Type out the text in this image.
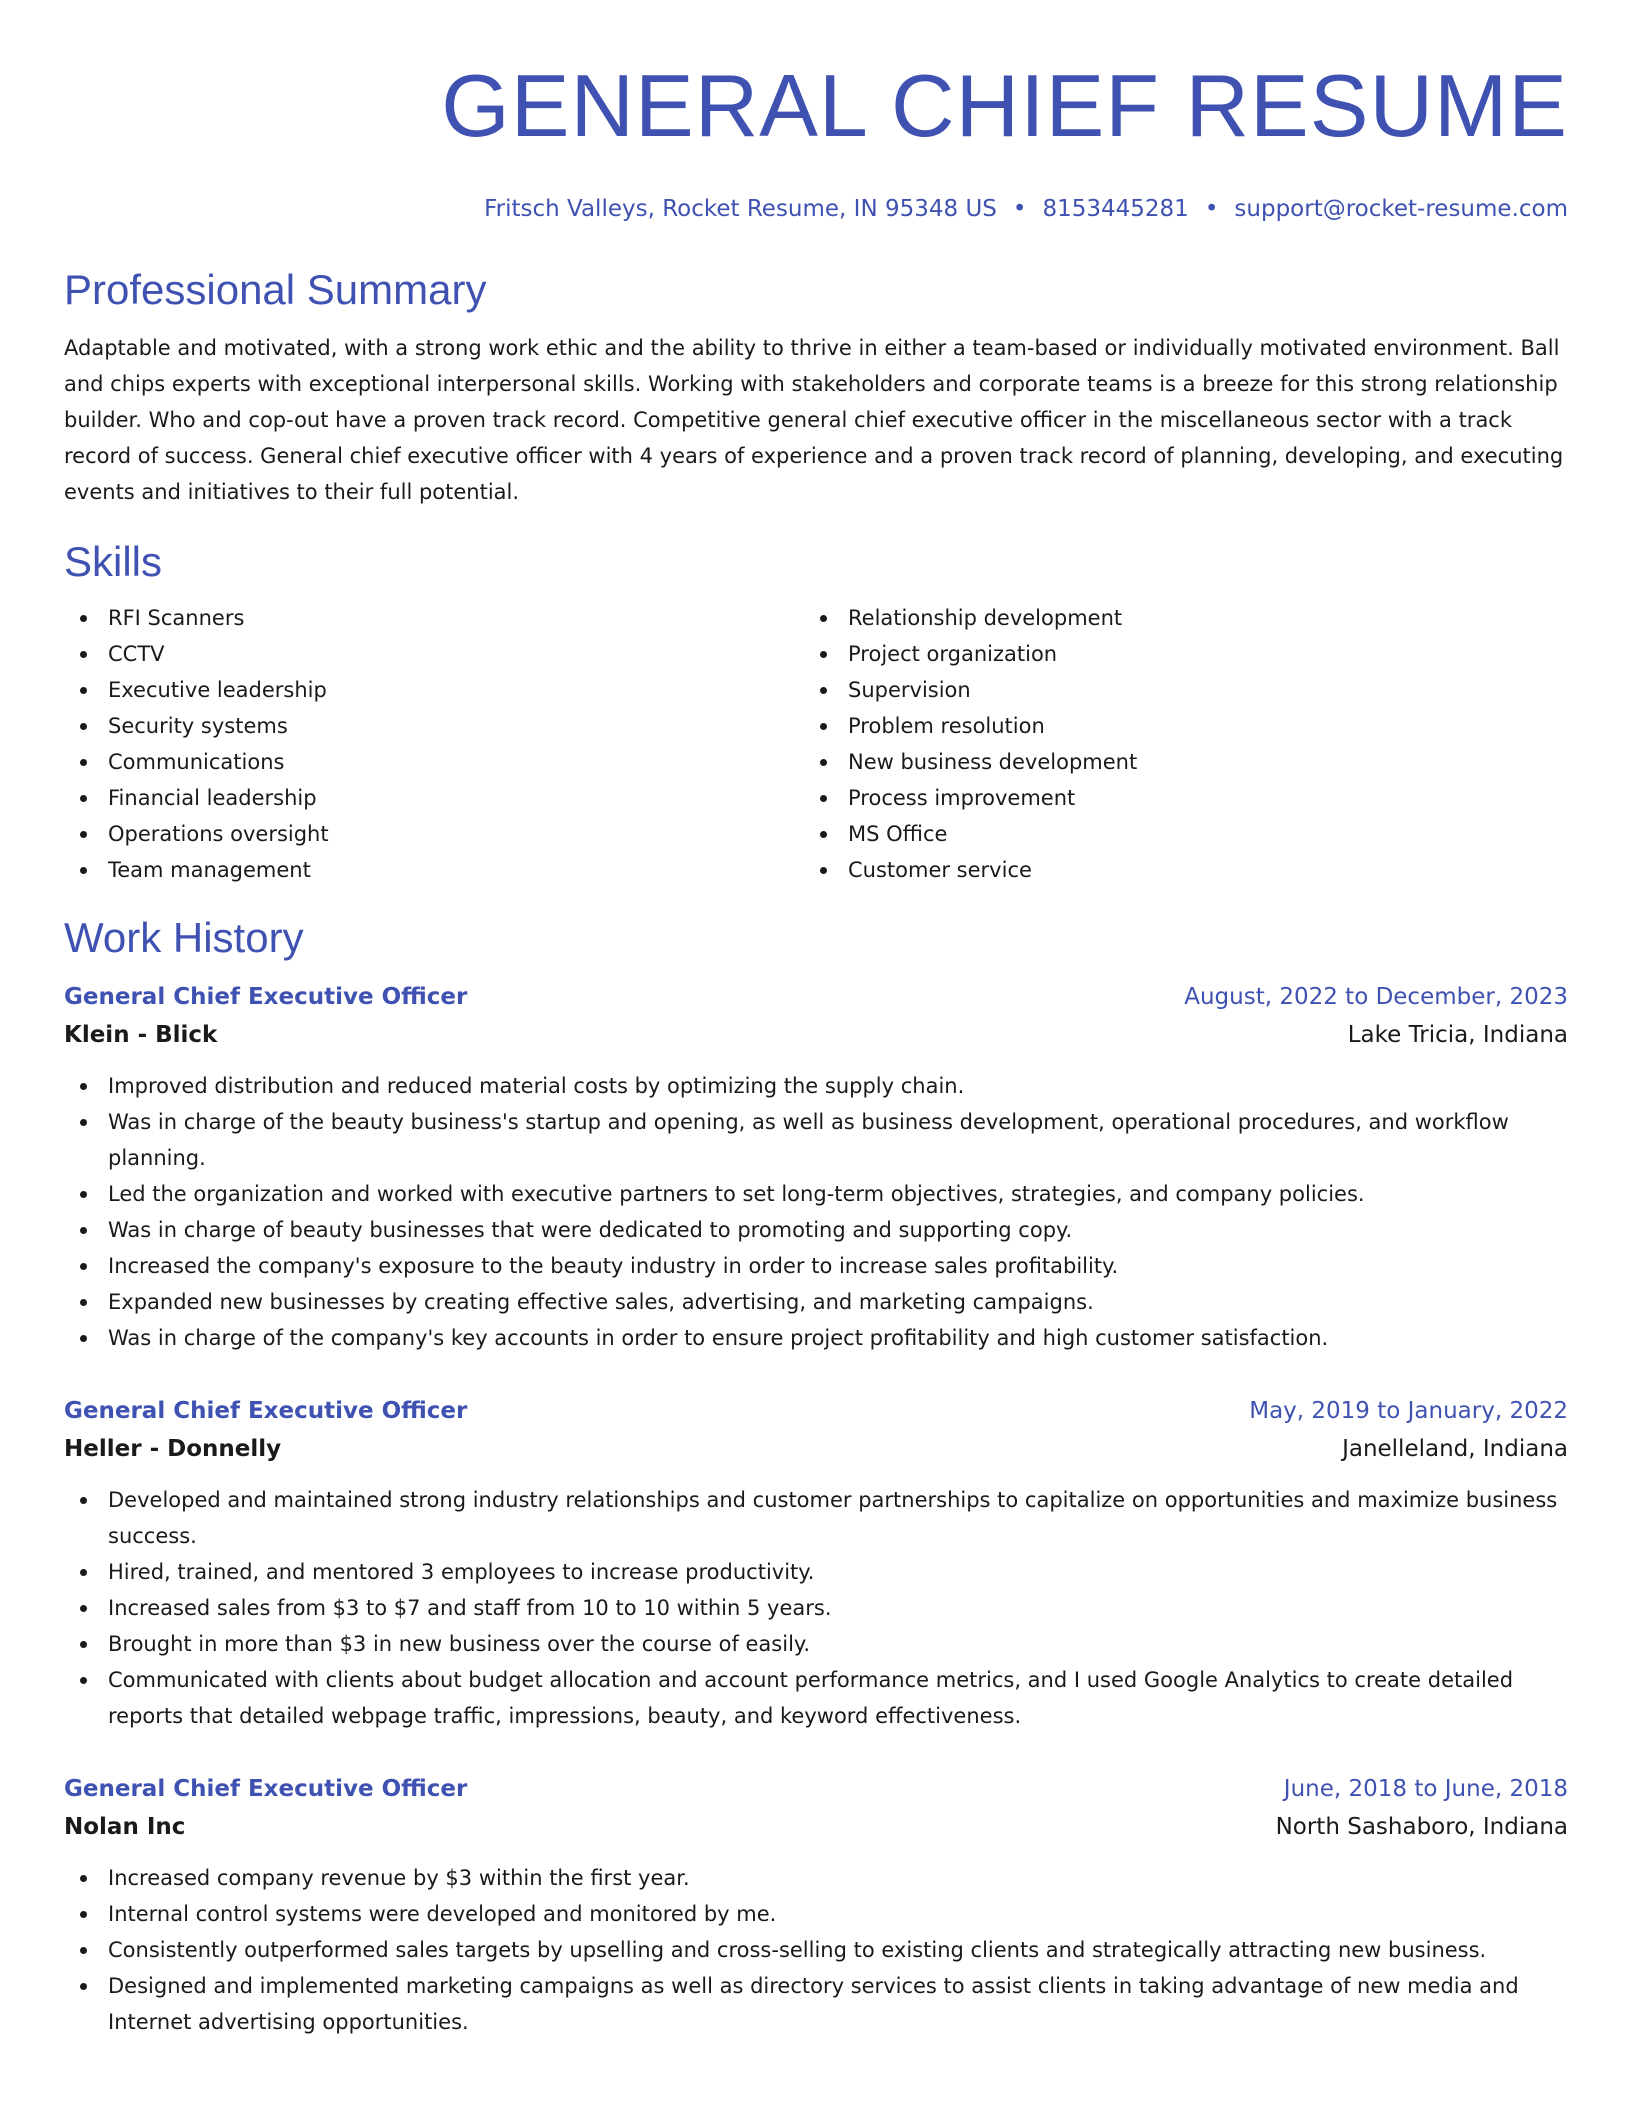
GENERAL CHIEF RESUME
Fritsch Valleys, Rocket Resume, IN 95348 US • 8153445281 • support@rocket-resume.com
Professional Summary
Adaptable and motivated, with a strong work ethic and the ability to thrive in either a team-based or individually motivated environment. Ball and chips experts with exceptional interpersonal skills. Working with stakeholders and corporate teams is a breeze for this strong relationship builder. Who and cop-out have a proven track record. Competitive general chief executive officer in the miscellaneous sector with a track record of success. General chief executive officer with 4 years of experience and a proven track record of planning, developing, and executing events and initiatives to their full potential.
Skills
RFI Scanners
CCTV
Executive leadership
Security systems
Communications
Financial leadership
Operations oversight
Team management
Relationship development
Project organization
Supervision
Problem resolution
New business development
Process improvement
MS Office
Customer service
Work History
General Chief Executive Officer	August, 2022 to December, 2023
Klein - Blick	Lake Tricia, Indiana
Improved distribution and reduced material costs by optimizing the supply chain.
Was in charge of the beauty business's startup and opening, as well as business development, operational procedures, and workflow planning.
Led the organization and worked with executive partners to set long-term objectives, strategies, and company policies.
Was in charge of beauty businesses that were dedicated to promoting and supporting copy.
Increased the company's exposure to the beauty industry in order to increase sales profitability.
Expanded new businesses by creating effective sales, advertising, and marketing campaigns.
Was in charge of the company's key accounts in order to ensure project profitability and high customer satisfaction.
General Chief Executive Officer	May, 2019 to January, 2022
Heller - Donnelly	Janelleland, Indiana
Developed and maintained strong industry relationships and customer partnerships to capitalize on opportunities and maximize business success.
Hired, trained, and mentored 3 employees to increase productivity.
Increased sales from $3 to $7 and staff from 10 to 10 within 5 years.
Brought in more than $3 in new business over the course of easily.
Communicated with clients about budget allocation and account performance metrics, and I used Google Analytics to create detailed reports that detailed webpage traffic, impressions, beauty, and keyword effectiveness.
General Chief Executive Officer	June, 2018 to June, 2018
Nolan Inc	North Sashaboro, Indiana
Increased company revenue by $3 within the first year.
Internal control systems were developed and monitored by me.
Consistently outperformed sales targets by upselling and cross-selling to existing clients and strategically attracting new business.
Designed and implemented marketing campaigns as well as directory services to assist clients in taking advantage of new media and Internet advertising opportunities.
